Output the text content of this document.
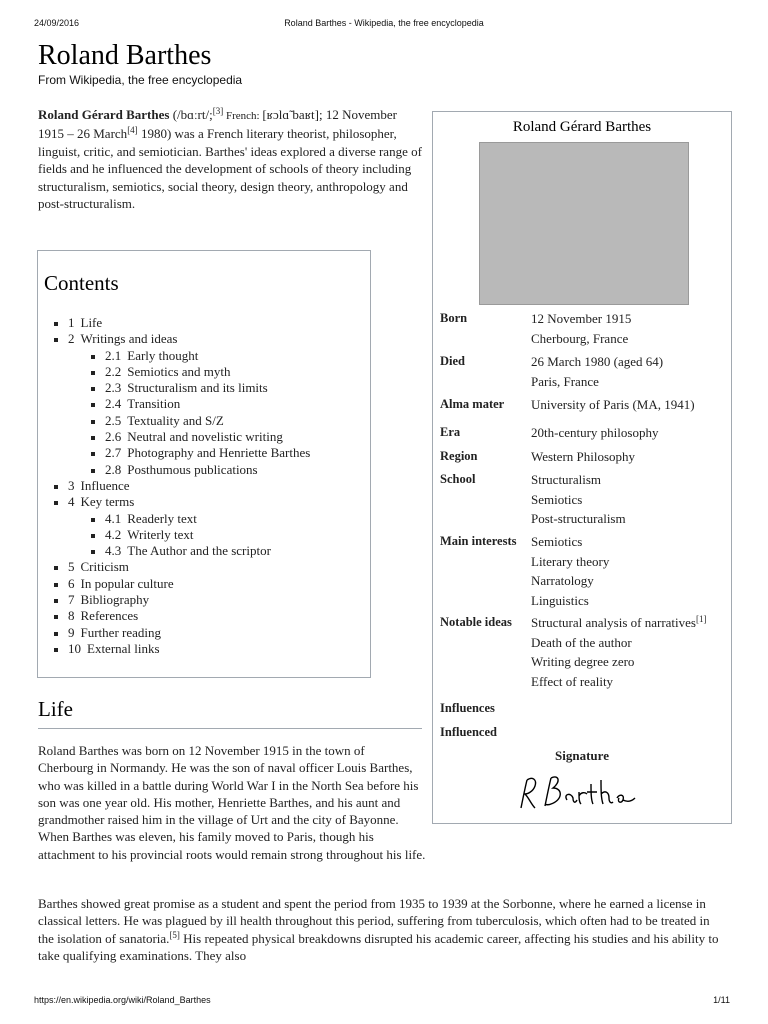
24/09/2016	Roland Barthes - Wikipedia, the free encyclopedia
Roland Barthes
From Wikipedia, the free encyclopedia

Roland Gérard Barthes (/bɑːrt/;[3] French: [ʁɔlɑ̃ baʁt]; 12 November 1915 – 26 March[4] 1980) was a French literary theorist, philosopher, linguist, critic, and semiotician. Barthes' ideas explored a diverse range of fields and he influenced the development of schools of theory including structuralism, semiotics, social theory, design theory, anthropology and post-structuralism.

Contents
1 Life
2 Writings and ideas
2.1 Early thought
2.2 Semiotics and myth
2.3 Structuralism and its limits
2.4 Transition
2.5 Textuality and S/Z
2.6 Neutral and novelistic writing
2.7 Photography and Henriette Barthes
2.8 Posthumous publications
3 Influence
4 Key terms
4.1 Readerly text
4.2 Writerly text
4.3 The Author and the scriptor
5 Criticism
6 In popular culture
7 Bibliography
8 References
9 Further reading
10 External links
Roland Gérard Barthes
Born	12 November 1915
Cherbourg, France
Died	26 March 1980 (aged 64)
Paris, France
Alma mater	University of Paris (MA, 1941)
Era	20th-century philosophy
Region	Western Philosophy
School	Structuralism
Semiotics
Post-structuralism
Main interests	Semiotics
Literary theory
Narratology
Linguistics
Notable ideas	Structural analysis of narratives[1]
Death of the author
Writing degree zero
Effect of reality
Influences
Influenced
Signature
Life

Roland Barthes was born on 12 November 1915 in the town of Cherbourg in Normandy. He was the son of naval officer Louis Barthes, who was killed in a battle during World War I in the North Sea before his son was one year old. His mother, Henriette Barthes, and his aunt and grandmother raised him in the village of Urt and the city of Bayonne. When Barthes was eleven, his family moved to Paris, though his attachment to his provincial roots would remain strong throughout his life.

Barthes showed great promise as a student and spent the period from 1935 to 1939 at the Sorbonne, where he earned a license in classical letters. He was plagued by ill health throughout this period, suffering from tuberculosis, which often had to be treated in the isolation of sanatoria.[5] His repeated physical breakdowns disrupted his academic career, affecting his studies and his ability to take qualifying examinations. They also

https://en.wikipedia.org/wiki/Roland_Barthes	1/11
